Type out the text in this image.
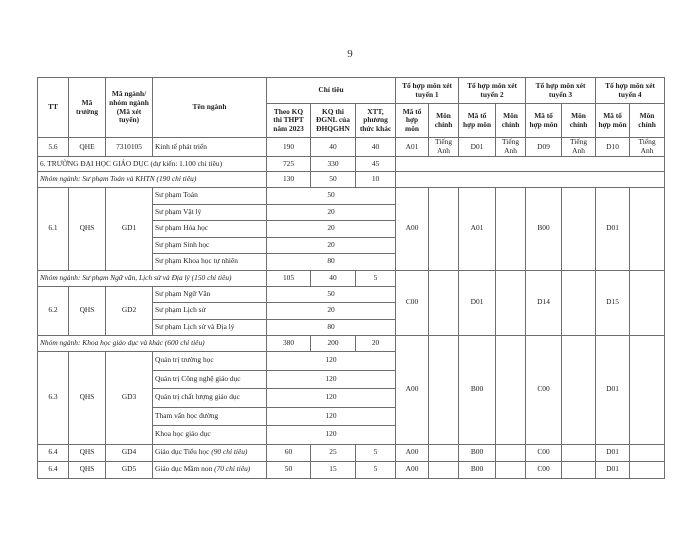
9
TT	Mã trường	Mã ngành/ nhóm ngành (Mã xét tuyển)	Tên ngành	Chỉ tiêu			Tổ hợp môn xét tuyển 1		Tổ hợp môn xét tuyển 2		Tổ hợp môn xét tuyển 3		Tổ hợp môn xét tuyển 4	
				Theo KQ thi THPT năm 2023	KQ thi ĐGNL của ĐHQGHN	XTT, phương thức khác	Mã tổ hợp môn	Môn chính	Mã tổ hợp môn	Môn chính	Mã tổ hợp môn	Môn chính	Mã tổ hợp môn	Môn chính
5.6	QHE	7310105	Kinh tế phát triển	190	40	40	A01	Tiếng Anh	D01	Tiếng Anh	D09	Tiếng Anh	D10	Tiếng Anh
6. TRƯỜNG ĐẠI HỌC GIÁO DỤC (dự kiến: 1.100 chỉ tiêu)				725	330	45								
Nhóm ngành: Sư phạm Toán và KHTN (190 chỉ tiêu)				130	50	10								
6.1	QHS	GD1	Sư phạm Toán	50			A00		A01		B00		D01	
			Sư phạm Vật lý	20										
			Sư phạm Hóa học	20										
			Sư phạm Sinh học	20										
			Sư phạm Khoa học tự nhiên	80										
Nhóm ngành: Sư phạm Ngữ văn, Lịch sử và Địa lý (150 chỉ tiêu)				105	40	5	C00		D01		D14		D15	
6.2	QHS	GD2	Sư phạm Ngữ Văn	50										
			Sư phạm Lịch sử	20										
			Sư phạm Lịch sử và Địa lý	80										
Nhóm ngành: Khoa học giáo dục và khác (600 chỉ tiêu)				380	200	20	A00		B00		C00		D01	
6.3	QHS	GD3	Quản trị trường học	120										
			Quản trị Công nghệ giáo dục	120										
			Quản trị chất lượng giáo dục	120										
			Tham vấn học đường	120										
			Khoa học giáo dục	120										
6.4	QHS	GD4	Giáo dục Tiểu học (90 chỉ tiêu)	60	25	5	A00		B00		C00		D01	
6.4	QHS	GD5	Giáo dục Mầm non (70 chỉ tiêu)	50	15	5	A00		B00		C00		D01	
